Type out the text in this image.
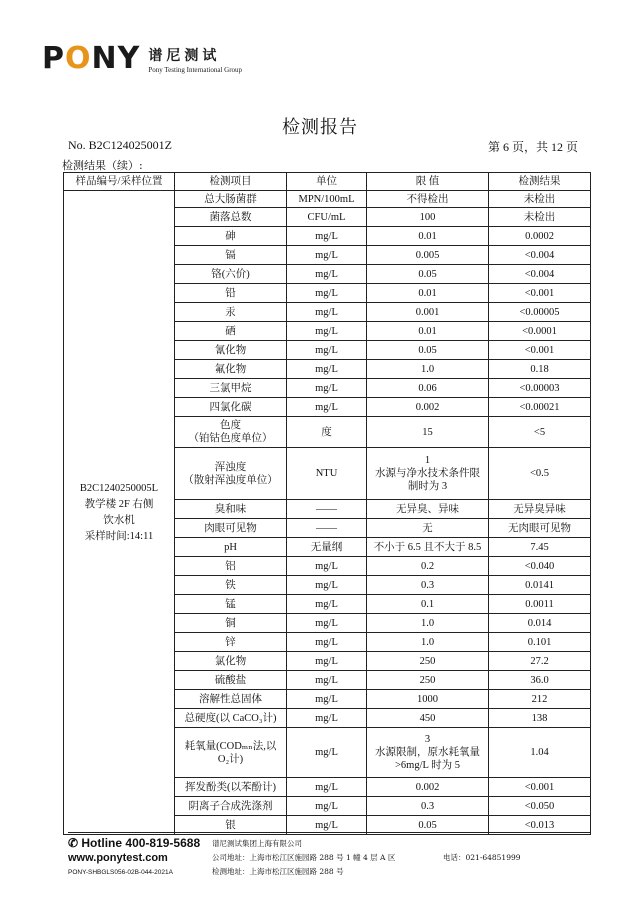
PONY 谱尼测试
Pony Testing International Group
检测报告
No. B2C124025001Z	第 6 页，共 12 页
检测结果（续）:
样品编号/采样位置	检测项目	单位	限 值	检测结果

B2C1240250005L
教学楼 2F 右侧
饮水机
采样时间:14:11	总大肠菌群	MPN/100mL	不得检出	未检出
	菌落总数	CFU/mL	100	未检出
	砷	mg/L	0.01	0.0002
	镉	mg/L	0.005	<0.004
	铬(六价)	mg/L	0.05	<0.004
	铅	mg/L	0.01	<0.001
	汞	mg/L	0.001	<0.00005
	硒	mg/L	0.01	<0.0001
	氰化物	mg/L	0.05	<0.001
	氟化物	mg/L	1.0	0.18
	三氯甲烷	mg/L	0.06	<0.00003
	四氯化碳	mg/L	0.002	<0.00021
	色度
（铂钴色度单位）	度	15	<5
	浑浊度
（散射浑浊度单位）	NTU	1
水源与净水技术条件限
制时为 3	<0.5
	臭和味	——	无异臭、异味	无异臭异味
	肉眼可见物	——	无	无肉眼可见物
	pH	无量纲	不小于 6.5 且不大于 8.5	7.45
	铝	mg/L	0.2	<0.040
	铁	mg/L	0.3	0.0141
	锰	mg/L	0.1	0.0011
	铜	mg/L	1.0	0.014
	锌	mg/L	1.0	0.101
	氯化物	mg/L	250	27.2
	硫酸盐	mg/L	250	36.0
	溶解性总固体	mg/L	1000	212
	总硬度(以 CaCO₃计)	mg/L	450	138
	耗氧量(CODₘₙ法,以
O₂计)	mg/L	3
水源限制，原水耗氧量
>6mg/L 时为 5	1.04
	挥发酚类(以苯酚计)	mg/L	0.002	<0.001
	阴离子合成洗涤剂	mg/L	0.3	<0.050
	银	mg/L	0.05	<0.013
✆ Hotline 400-819-5688
www.ponytest.com
PONY-SHBGLS056-02B-044-2021A
谱尼测试集团上海有限公司
公司地址：上海市松江区施园路 288 号 1 幢 4 层 A 区
检测地址：上海市松江区施园路 288 号
电话：021-64851999
